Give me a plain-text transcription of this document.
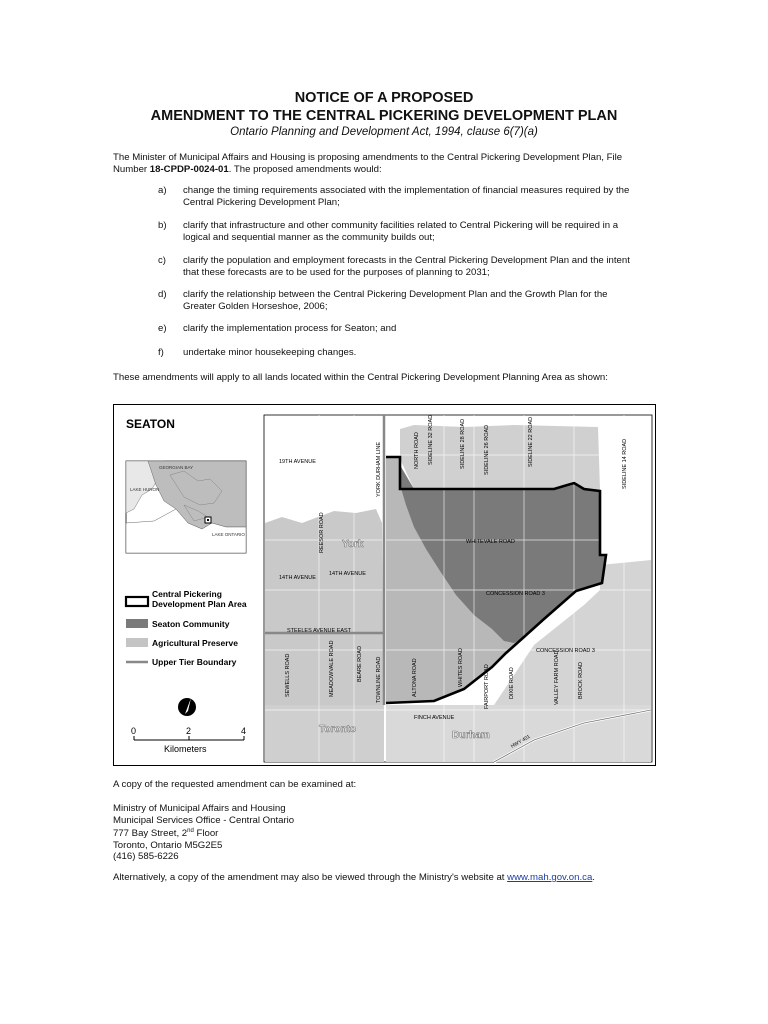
NOTICE OF A PROPOSED
AMENDMENT TO THE CENTRAL PICKERING DEVELOPMENT PLAN
Ontario Planning and Development Act, 1994, clause 6(7)(a)
The Minister of Municipal Affairs and Housing is proposing amendments to the Central Pickering Development Plan, File Number 18-CPDP-0024-01. The proposed amendments would:
a) change the timing requirements associated with the implementation of financial measures required by the
Central Pickering Development Plan;
b) clarify that infrastructure and other community facilities related to Central Pickering will be required in a
logical and sequential manner as the community builds out;
c) clarify the population and employment forecasts in the Central Pickering Development Plan and the intent
that these forecasts are to be used for the purposes of planning to 2031;
d) clarify the relationship between the Central Pickering Development Plan and the Growth Plan for the
Greater Golden Horseshoe, 2006;
e) clarify the implementation process for Seaton; and
f) undertake minor housekeeping changes.
These amendments will apply to all lands located within the Central Pickering Development Planning Area as shown:
SEATON
GEORGIAN BAY
LAKE HURON
LAKE ONTARIO
Central Pickering
Development Plan Area
Seaton Community
Agricultural Preserve
Upper Tier Boundary
0	2	4
Kilometers
York
Toronto
Durham
19TH AVENUE
14TH AVENUE
14TH AVENUE
STEELES AVENUE EAST
WHITEVALE ROAD
CONCESSION ROAD 3
CONCESSION ROAD 3
FINCH AVENUE
HWY 401
YORK DURHAM LINE
TOWNLINE ROAD
REESOR ROAD
SEWELLS ROAD	MEADOWVALE ROAD	BEARE ROAD
NORTH ROAD SIDELINE 32 ROAD	SIDELINE 28 ROAD	SIDELINE 26 ROAD	SIDELINE 22 ROAD	SIDELINE 14 ROAD
ALTONA ROAD	WHITES ROAD	FAIRPORT ROAD	DIXIE ROAD	VALLEY FARM ROAD	BROCK ROAD
A copy of the requested amendment can be examined at:
Ministry of Municipal Affairs and Housing
Municipal Services Office - Central Ontario
777 Bay Street, 2nd Floor
Toronto, Ontario M5G2E5
(416) 585-6226
Alternatively, a copy of the amendment may also be viewed through the Ministry's website at www.mah.gov.on.ca.
